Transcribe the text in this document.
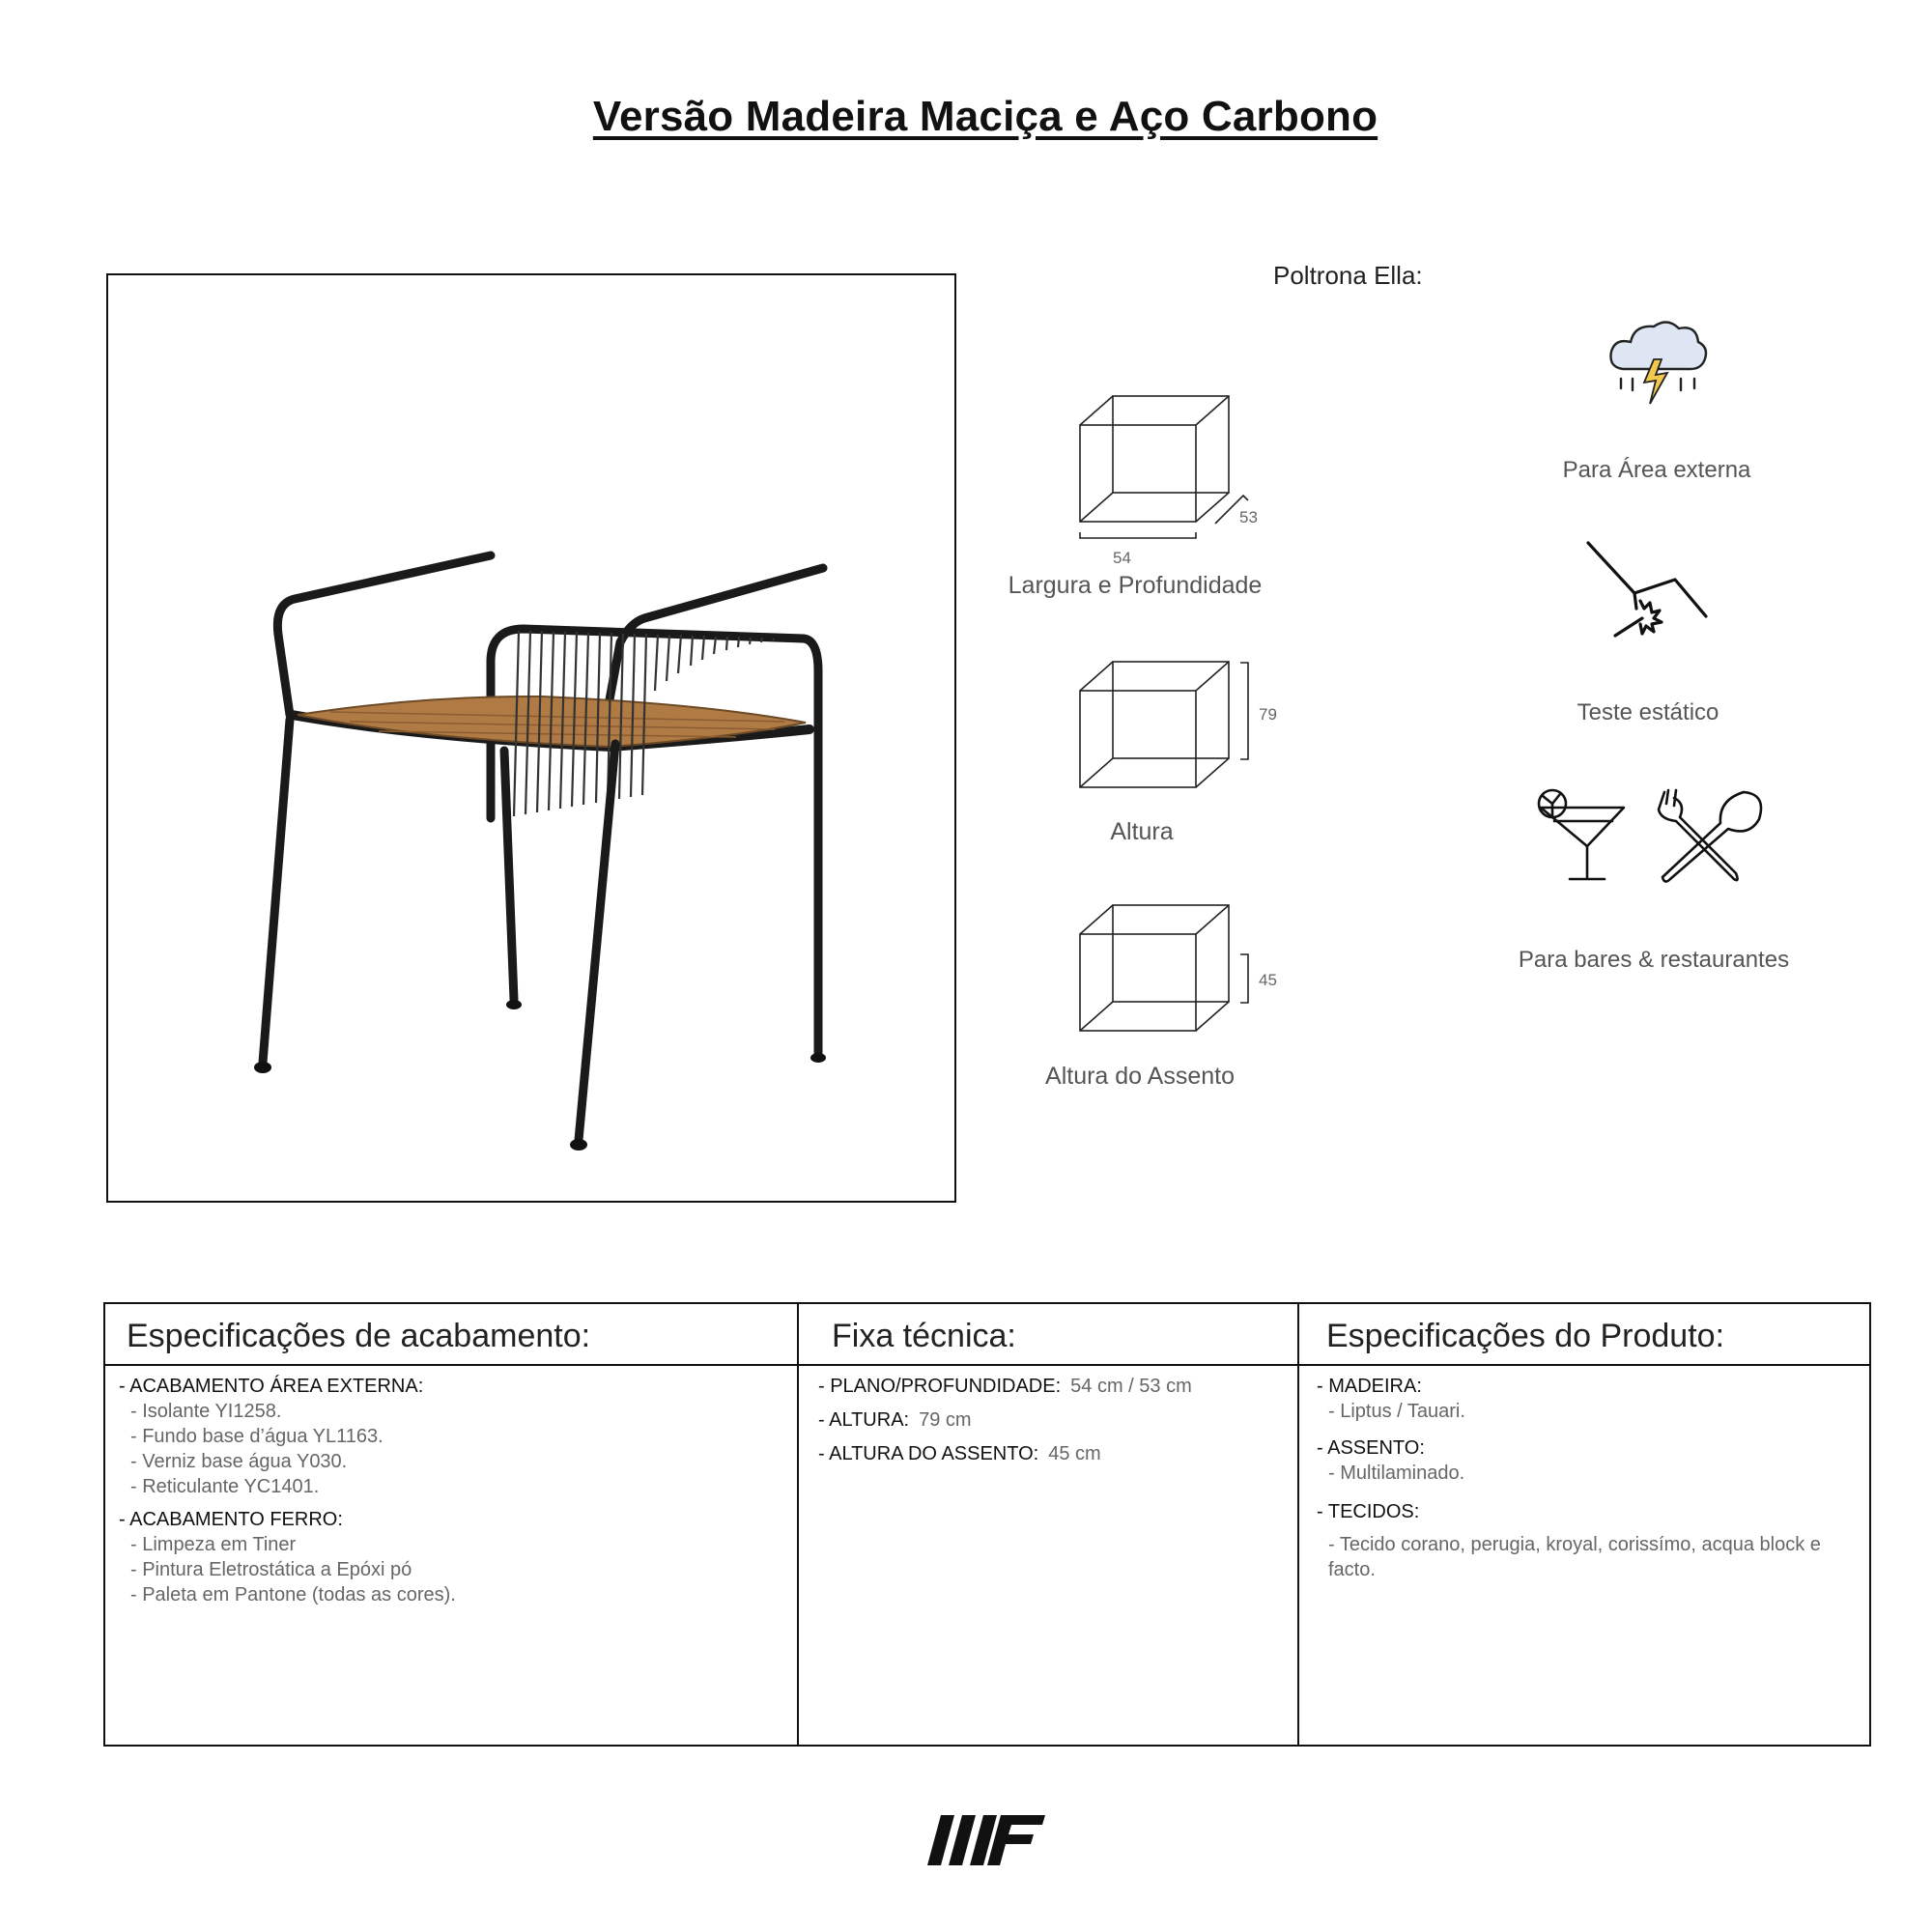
Versão Madeira Maciça e Aço Carbono
Poltrona Ella:
54
53
Largura e Profundidade
79
Altura
45
Altura do Assento
Para Área externa
Teste estático
Para bares & restaurantes
Especificações de acabamento:
- ACABAMENTO ÁREA EXTERNA:
- Isolante YI1258.
- Fundo base d’água YL1163.
- Verniz base água Y030.
- Reticulante YC1401.
- ACABAMENTO FERRO:
- Limpeza em Tiner
- Pintura Eletrostática a Epóxi pó
- Paleta em Pantone (todas as cores).
Fixa técnica:
- PLANO/PROFUNDIDADE: 54 cm / 53 cm
- ALTURA: 79 cm
- ALTURA DO ASSENTO: 45 cm
Especificações do Produto:
- MADEIRA:
- Liptus / Tauari.
- ASSENTO:
- Multilaminado.
- TECIDOS:
- Tecido corano, perugia, kroyal, corissímo, acqua block e facto.
